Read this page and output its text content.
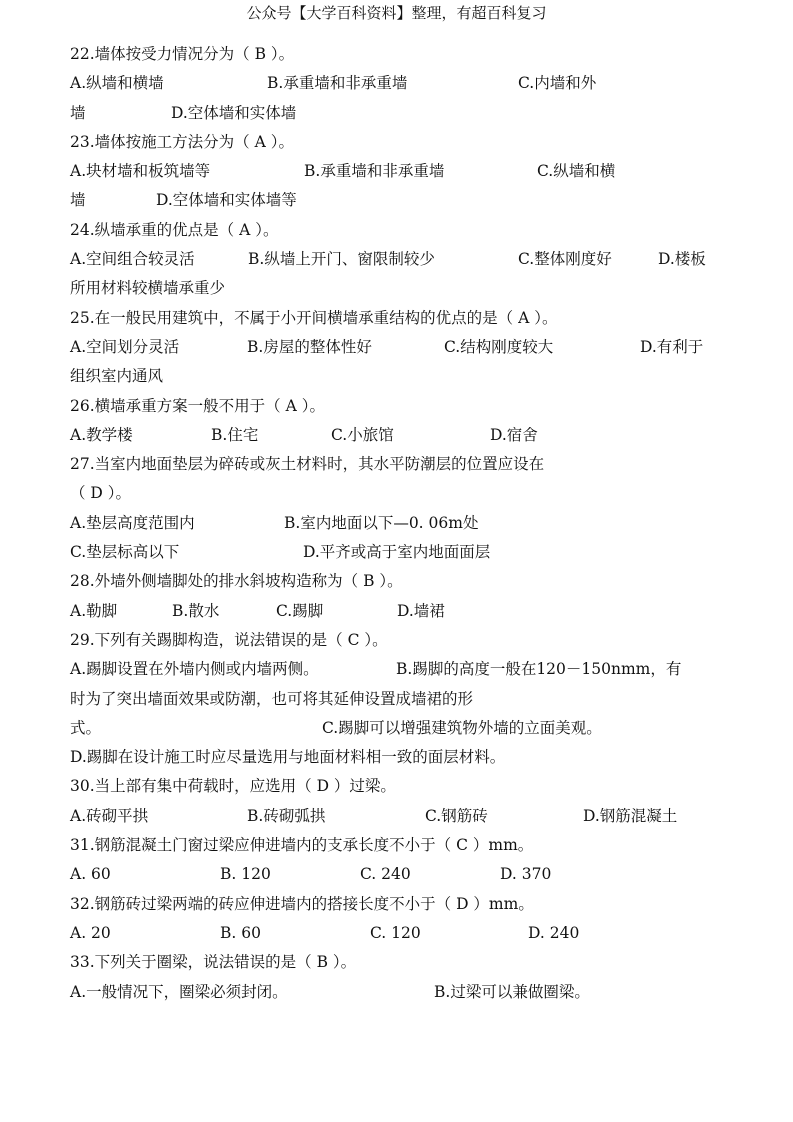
公众号【大学百科资料】整理，有超百科复习
22.墙体按受力情况分为（ B ）。
A.纵墙和横墙	B.承重墙和非承重墙	C.内墙和外
墙	D.空体墙和实体墙
23.墙体按施工方法分为（ A ）。
A.块材墙和板筑墙等	B.承重墙和非承重墙	C.纵墙和横
墙	D.空体墙和实体墙等
24.纵墙承重的优点是（ A ）。
A.空间组合较灵活	B.纵墙上开门、窗限制较少	C.整体刚度好	D.楼板
所用材料较横墙承重少
25.在一般民用建筑中，不属于小开间横墙承重结构的优点的是（ A ）。
A.空间划分灵活	B.房屋的整体性好	C.结构刚度较大	D.有利于
组织室内通风
26.横墙承重方案一般不用于（ A ）。
A.教学楼	B.住宅	C.小旅馆	D.宿舍
27.当室内地面垫层为碎砖或灰土材料时，其水平防潮层的位置应设在
（ D ）。
A.垫层高度范围内	B.室内地面以下—0. 06m处
C.垫层标高以下	D.平齐或高于室内地面面层
28.外墙外侧墙脚处的排水斜坡构造称为（ B ）。
A.勒脚	B.散水	C.踢脚	D.墙裙
29.下列有关踢脚构造，说法错误的是（ C ）。
A.踢脚设置在外墙内侧或内墙两侧。	B.踢脚的高度一般在120－150nmm，有
时为了突出墙面效果或防潮，也可将其延伸设置成墙裙的形
式。	C.踢脚可以增强建筑物外墙的立面美观。
D.踢脚在设计施工时应尽量选用与地面材料相一致的面层材料。
30.当上部有集中荷载时，应选用（ D ）过梁。
A.砖砌平拱	B.砖砌弧拱	C.钢筋砖	D.钢筋混凝土
31.钢筋混凝土门窗过梁应伸进墙内的支承长度不小于（ C ）mm。
A. 60	B. 120	C. 240	D. 370
32.钢筋砖过梁两端的砖应伸进墙内的搭接长度不小于（ D ）mm。
A. 20	B. 60	C. 120	D. 240
33.下列关于圈梁，说法错误的是（ B ）。
A.一般情况下，圈梁必须封闭。	B.过梁可以兼做圈梁。
